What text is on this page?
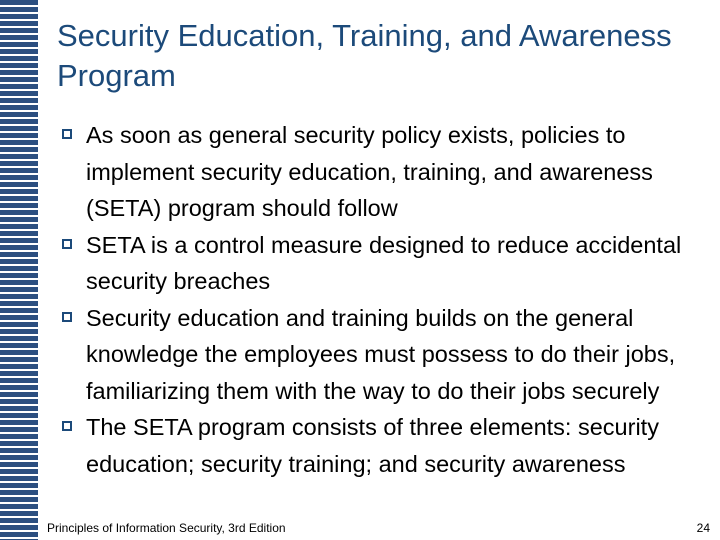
Security Education, Training, and Awareness Program
As soon as general security policy exists, policies to implement security education, training, and awareness (SETA) program should follow
SETA is a control measure designed to reduce accidental security breaches
Security education and training builds on the general knowledge the employees must possess to do their jobs, familiarizing them with the way to do their jobs securely
The SETA program consists of three elements: security education; security training; and security awareness
Principles of Information Security, 3rd Edition	24
